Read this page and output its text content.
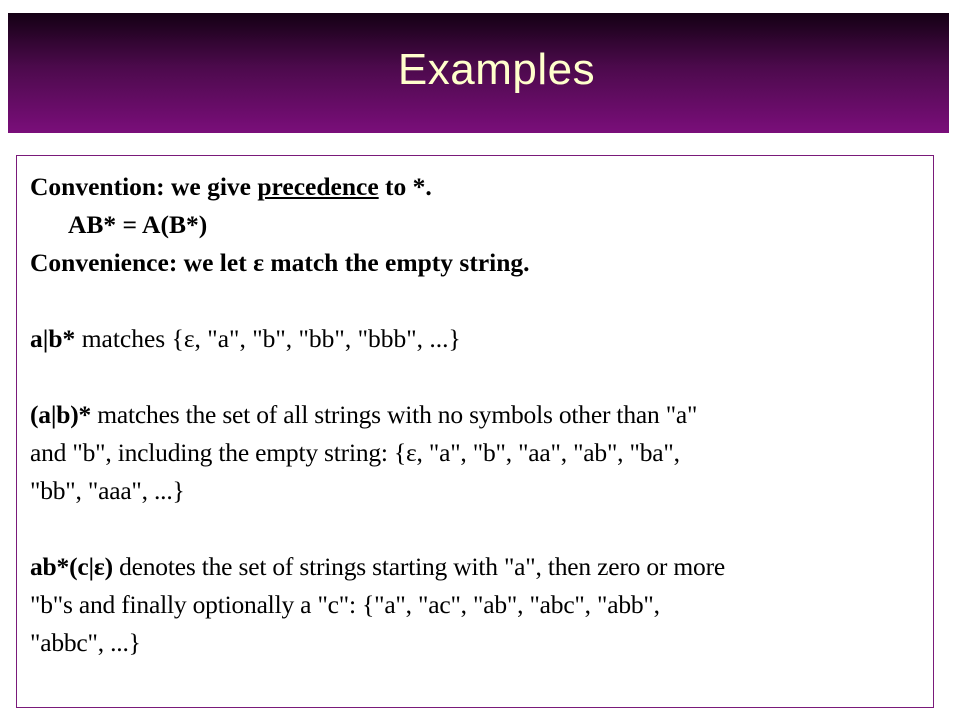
Examples
Convention: we give precedence to *.
AB* = A(B*)
Convenience: we let ε match the empty string.
a|b* matches {ε, "a", "b", "bb", "bbb", ...}
(a|b)* matches the set of all strings with no symbols other than "a"
and "b", including the empty string: {ε, "a", "b", "aa", "ab", "ba",
"bb", "aaa", ...}
ab*(c|ε) denotes the set of strings starting with "a", then zero or more
"b"s and finally optionally a "c": {"a", "ac", "ab", "abc", "abb",
"abbc", ...}
